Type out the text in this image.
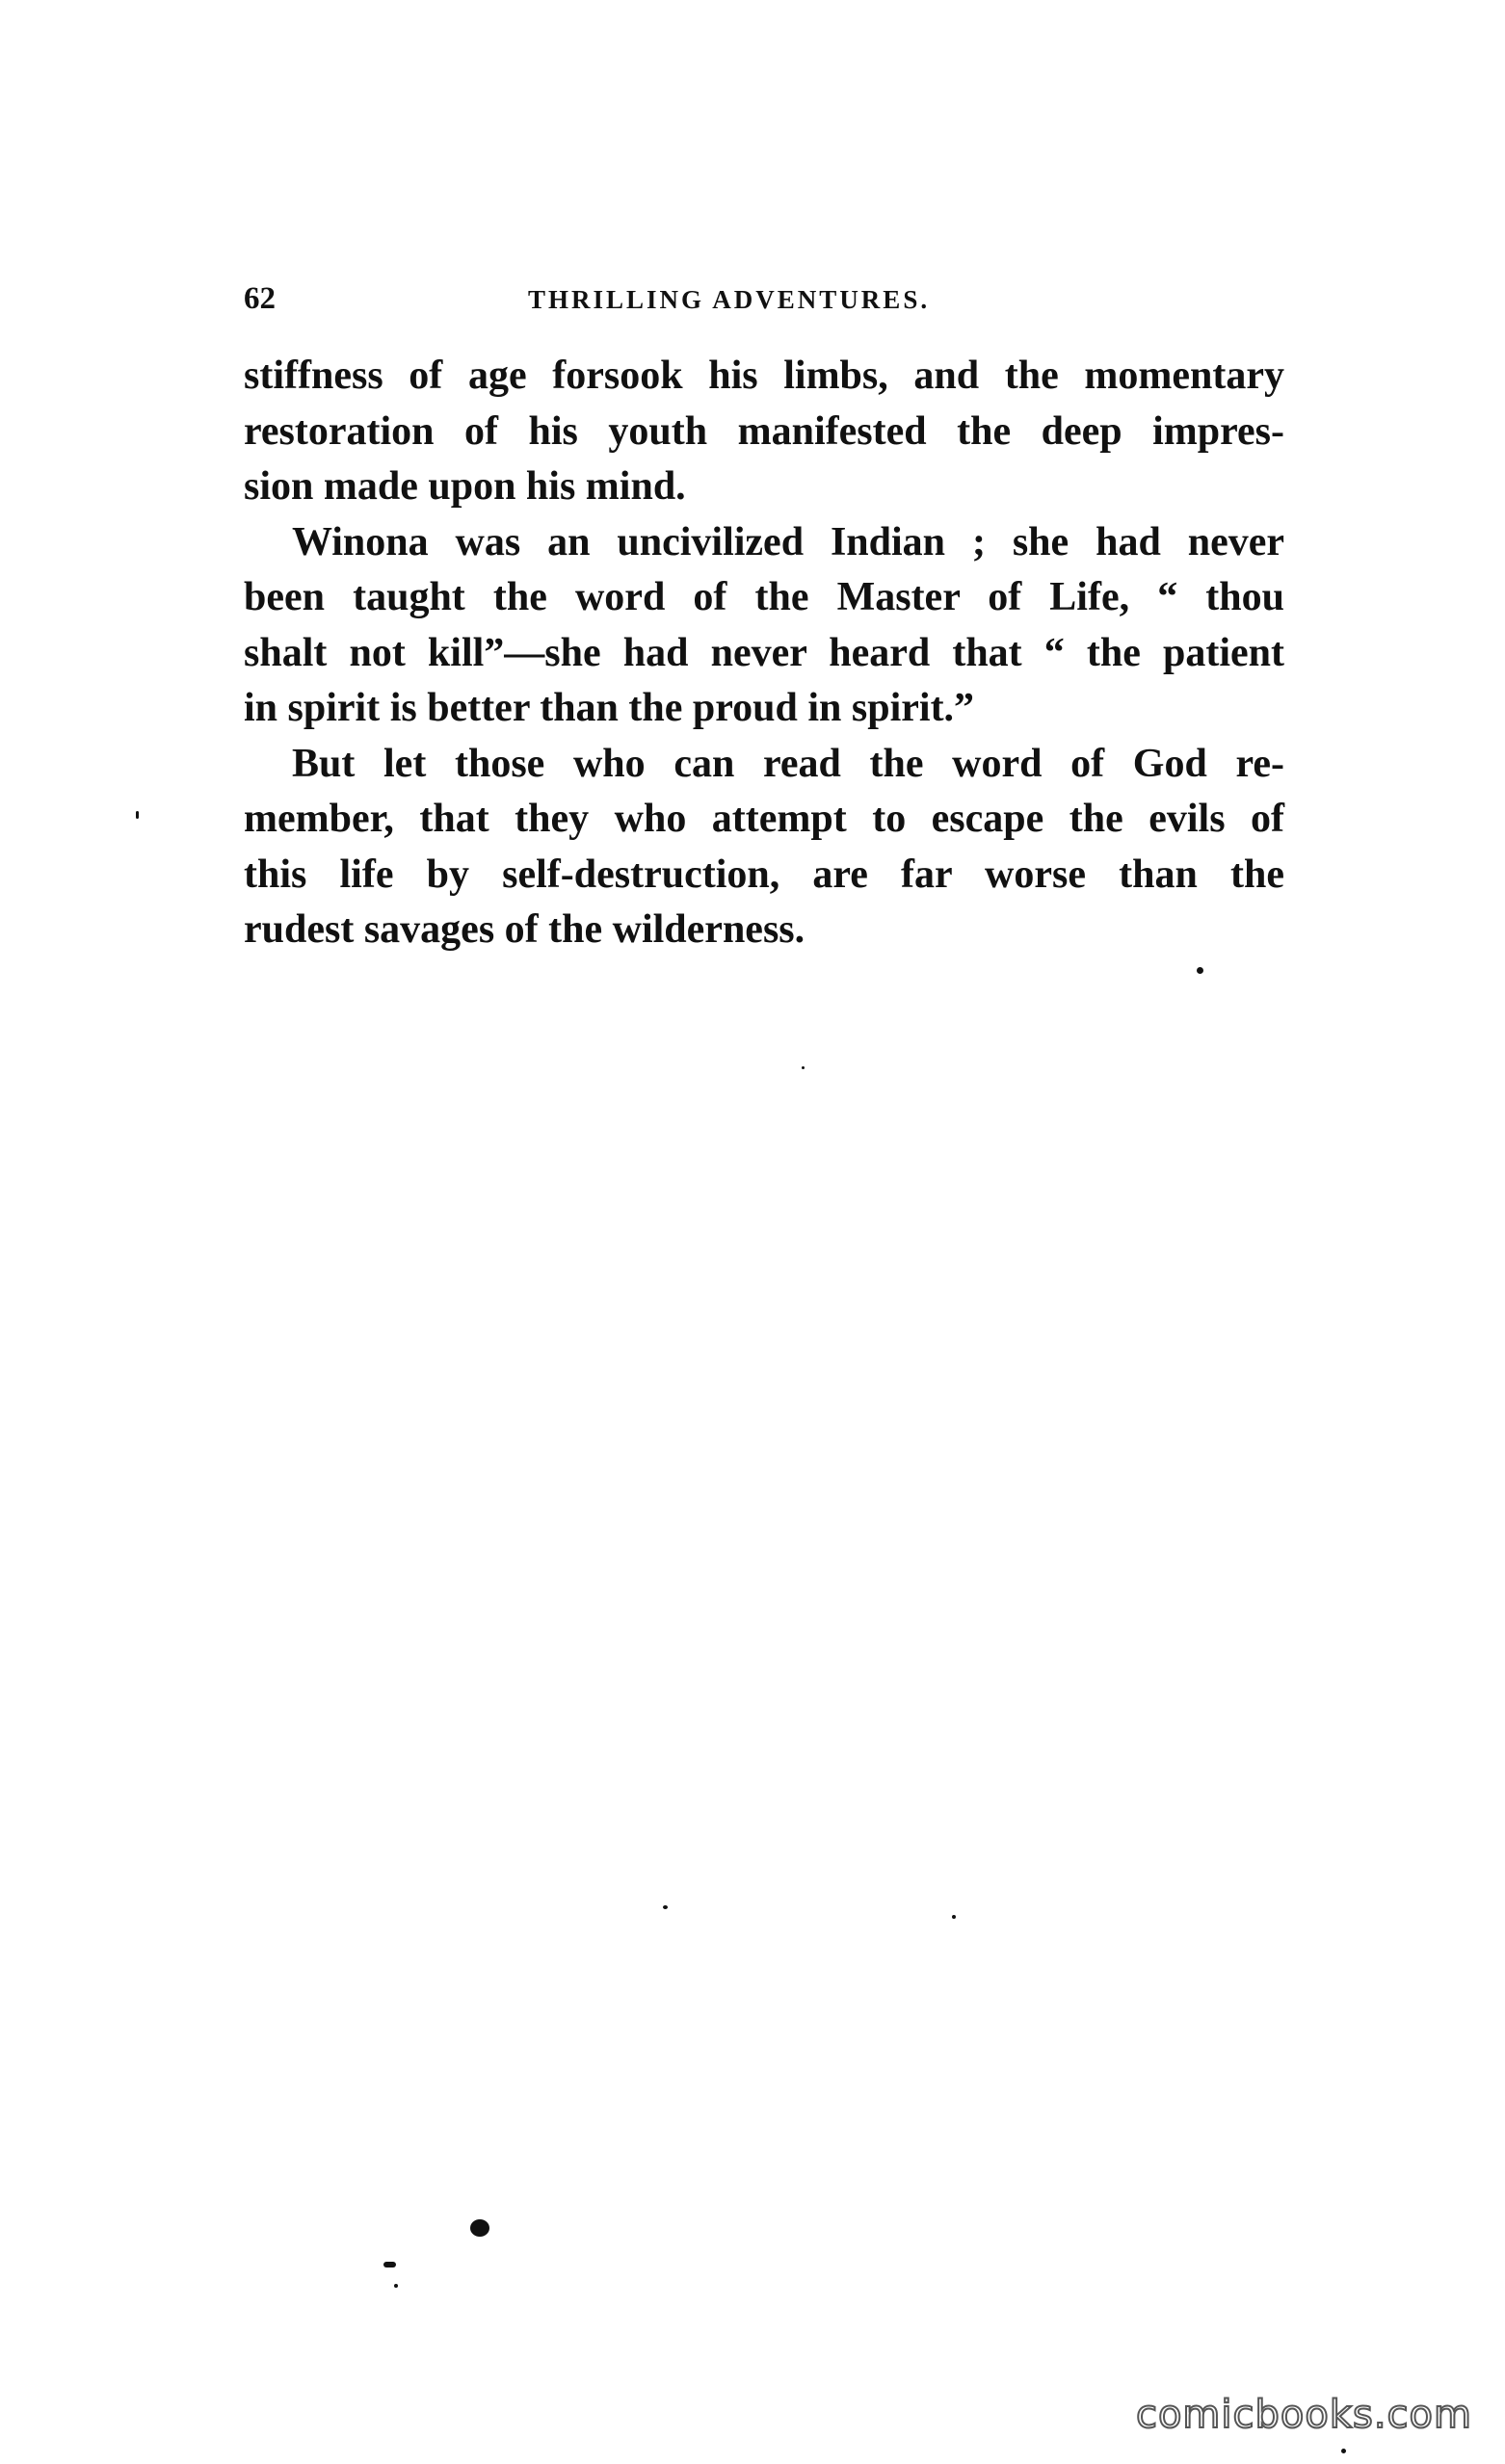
62	THRILLING ADVENTURES.

stiffness of age forsook his limbs, and the momentary
restoration of his youth manifested the deep impres-
sion made upon his mind.

Winona was an uncivilized Indian ; she had never
been taught the word of the Master of Life, “ thou
shalt not kill”—she had never heard that “ the patient
in spirit is better than the proud in spirit.”

But let those who can read the word of God re-
member, that they who attempt to escape the evils of
this life by self-destruction, are far worse than the
rudest savages of the wilderness.

comicbooks.com
